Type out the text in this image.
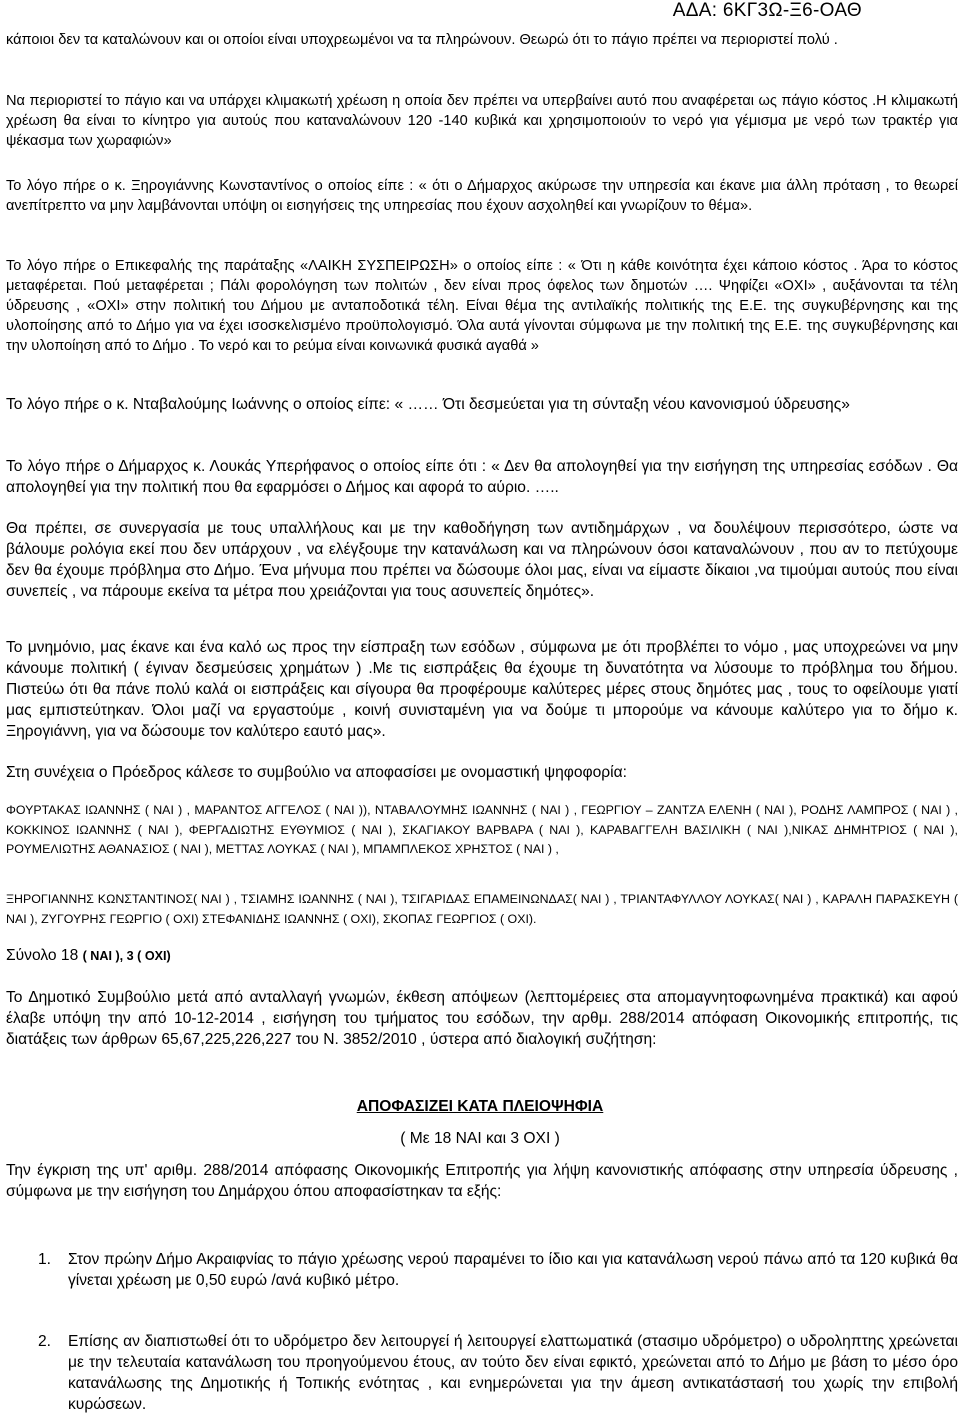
ΑΔΑ: 6ΚΓ3Ω-Ξ6-ΟΑΘ
κάποιοι δεν τα καταλώνουν και οι οποίοι είναι υποχρεωμένοι να τα πληρώνουν. Θεωρώ ότι το πάγιο πρέπει να περιοριστεί πολύ .
Να περιοριστεί το πάγιο και να υπάρχει κλιμακωτή χρέωση η οποία δεν πρέπει να υπερβαίνει αυτό που αναφέρεται ως πάγιο κόστος .Η κλιμακωτή χρέωση θα είναι το κίνητρο για αυτούς που καταναλώνουν 120 -140 κυβικά και χρησιμοποιούν το νερό για γέμισμα με νερό των τρακτέρ για ψέκασμα των χωραφιών»
Το λόγο πήρε ο κ. Ξηρογιάννης Κωνσταντίνος ο οποίος είπε : « ότι ο Δήμαρχος ακύρωσε την υπηρεσία και έκανε μια άλλη πρόταση , το θεωρεί ανεπίτρεπτο να μην λαμβάνονται υπόψη οι εισηγήσεις της υπηρεσίας που έχουν ασχοληθεί και γνωρίζουν το θέμα».
Το λόγο πήρε ο Επικεφαλής της παράταξης «ΛΑΙΚΗ ΣΥΣΠΕΙΡΩΣΗ» ο οποίος είπε : « Ότι η κάθε κοινότητα έχει κάποιο κόστος . Άρα το κόστος μεταφέρεται. Πού μεταφέρεται ; Πάλι φορολόγηση των πολιτών , δεν είναι προς όφελος των δημοτών …. Ψηφίζει «ΟΧΙ» , αυξάνονται τα τέλη ύδρευσης , «ΟΧΙ» στην πολιτική του Δήμου με ανταποδοτικά τέλη. Είναι θέμα της αντιλαϊκής πολιτικής της Ε.Ε. της συγκυβέρνησης και της υλοποίησης από το Δήμο για να έχει ισοσκελισμένο προϋπολογισμό. Όλα αυτά γίνονται σύμφωνα με την πολιτική της Ε.Ε. της συγκυβέρνησης και την υλοποίηση από το Δήμο . Το νερό και το ρεύμα είναι κοινωνικά φυσικά αγαθά »
Το λόγο πήρε ο κ. Νταβαλούμης Ιωάννης ο οποίος είπε: « …… Ότι δεσμεύεται για τη σύνταξη νέου κανονισμού ύδρευσης»
Το λόγο πήρε ο Δήμαρχος κ. Λουκάς Υπερήφανος ο οποίος είπε ότι : « Δεν θα απολογηθεί για την εισήγηση της υπηρεσίας εσόδων . Θα απολογηθεί για την πολιτική που θα εφαρμόσει ο Δήμος και αφορά το αύριο. …..
Θα πρέπει, σε συνεργασία με τους υπαλλήλους και με την καθοδήγηση των αντιδημάρχων , να δουλέψουν περισσότερο, ώστε να βάλουμε ρολόγια εκεί που δεν υπάρχουν , να ελέγξουμε την κατανάλωση και να πληρώνουν όσοι καταναλώνουν , που αν το πετύχουμε δεν θα έχουμε πρόβλημα στο Δήμο. Ένα μήνυμα που πρέπει να δώσουμε όλοι μας, είναι να είμαστε δίκαιοι ,να τιμούμαι αυτούς που είναι συνεπείς , να πάρουμε εκείνα τα μέτρα που χρειάζονται για τους ασυνεπείς δημότες».
Το μνημόνιο, μας έκανε και ένα καλό ως προς την είσπραξη των εσόδων , σύμφωνα με ότι προβλέπει το νόμο , μας υποχρεώνει να μην κάνουμε πολιτική ( έγιναν δεσμεύσεις χρημάτων ) .Με τις εισπράξεις θα έχουμε τη δυνατότητα να λύσουμε το πρόβλημα του δήμου. Πιστεύω ότι θα πάνε πολύ καλά οι εισπράξεις και σίγουρα θα προφέρουμε καλύτερες μέρες στους δημότες μας , τους το οφείλουμε γιατί μας εμπιστεύτηκαν. Όλοι μαζί να εργαστούμε , κοινή συνισταμένη για να δούμε τι μπορούμε να κάνουμε καλύτερο για το δήμο κ. Ξηρογιάννη, για να δώσουμε τον καλύτερο εαυτό μας».
Στη συνέχεια ο Πρόεδρος κάλεσε το συμβούλιο να αποφασίσει με ονομαστική ψηφοφορία:
ΦΟΥΡΤΑΚΑΣ ΙΩΑΝΝΗΣ ( ΝΑΙ ) , ΜΑΡΑΝΤΟΣ ΑΓΓΕΛΟΣ ( ΝΑΙ )), ΝΤΑΒΑΛΟΥΜΗΣ ΙΩΑΝΝΗΣ ( ΝΑΙ ) , ΓΕΩΡΓΙΟΥ – ΖΑΝΤΖΑ ΕΛΕΝΗ ( ΝΑΙ ), ΡΟΔΗΣ ΛΑΜΠΡΟΣ ( ΝΑΙ ) , ΚΟΚΚΙΝΟΣ ΙΩΑΝΝΗΣ ( ΝΑΙ ), ΦΕΡΓΑΔΙΩΤΗΣ ΕΥΘΥΜΙΟΣ ( ΝΑΙ ), ΣΚΑΓΙΑΚΟΥ ΒΑΡΒΑΡΑ ( ΝΑΙ ), ΚΑΡΑΒΑΓΓΕΛΗ ΒΑΣΙΛΙΚΗ ( ΝΑΙ ),ΝΙΚΑΣ ΔΗΜΗΤΡΙΟΣ ( ΝΑΙ ), ΡΟΥΜΕΛΙΩΤΗΣ ΑΘΑΝΑΣΙΟΣ ( ΝΑΙ ), ΜΕΤΤΑΣ ΛΟΥΚΑΣ ( ΝΑΙ ), ΜΠΑΜΠΛΕΚΟΣ ΧΡΗΣΤΟΣ ( ΝΑΙ ) ,
ΞΗΡΟΓΙΑΝΝΗΣ ΚΩΝΣΤΑΝΤΙΝΟΣ( ΝΑΙ ) , ΤΣΙΑΜΗΣ ΙΩΑΝΝΗΣ ( ΝΑΙ ), ΤΣΙΓΑΡΙΔΑΣ ΕΠΑΜΕΙΝΩΝΔΑΣ( ΝΑΙ ) , ΤΡΙΑΝΤΑΦΥΛΛΟΥ ΛΟΥΚΑΣ( ΝΑΙ ) , ΚΑΡΑΛΗ ΠΑΡΑΣΚΕΥΗ ( ΝΑΙ ), ΖΥΓΟΥΡΗΣ ΓΕΩΡΓΙΟ ( ΟΧΙ) ΣΤΕΦΑΝΙΔΗΣ ΙΩΑΝΝΗΣ ( ΟΧΙ), ΣΚΟΠΑΣ ΓΕΩΡΓΙΟΣ ( ΟΧΙ).
Σύνολο 18 ( ΝΑΙ ), 3 ( ΟΧΙ)
Το Δημοτικό Συμβούλιο μετά από ανταλλαγή γνωμών, έκθεση απόψεων (λεπτομέρειες στα απομαγνητοφωνημένα πρακτικά) και αφού έλαβε υπόψη την από 10-12-2014 , εισήγηση του τμήματος του εσόδων, την αρθμ. 288/2014 απόφαση Οικονομικής επιτροπής, τις διατάξεις των άρθρων 65,67,225,226,227 του Ν. 3852/2010 , ύστερα από διαλογική συζήτηση:
ΑΠΟΦΑΣΙΖΕΙ ΚΑΤΑ ΠΛΕΙΟΨΗΦΙΑ
( Με 18 ΝΑΙ και 3 ΟΧΙ )
Την έγκριση της υπ' αριθμ. 288/2014 απόφασης Οικονομικής Επιτροπής για λήψη κανονιστικής απόφασης στην υπηρεσία ύδρευσης , σύμφωνα με την εισήγηση του Δημάρχου όπου αποφασίστηκαν τα εξής:
1. Στον πρώην Δήμο Ακραιφνίας το πάγιο χρέωσης νερού παραμένει το ίδιο και για κατανάλωση νερού πάνω από τα 120 κυβικά θα γίνεται χρέωση με 0,50 ευρώ /ανά κυβικό μέτρο.
2. Επίσης αν διαπιστωθεί ότι το υδρόμετρο δεν λειτουργεί ή λειτουργεί ελαττωματικά (στασιμο υδρόμετρο) ο υδροληπτης χρεώνεται με την τελευταία κατανάλωση του προηγούμενου έτους, αν τούτο δεν είναι εφικτό, χρεώνεται από το Δήμο με βάση το μέσο όρο κατανάλωσης της Δημοτικής ή Τοπικής ενότητας , και ενημερώνεται για την άμεση αντικατάστασή του χωρίς την επιβολή κυρώσεων.
